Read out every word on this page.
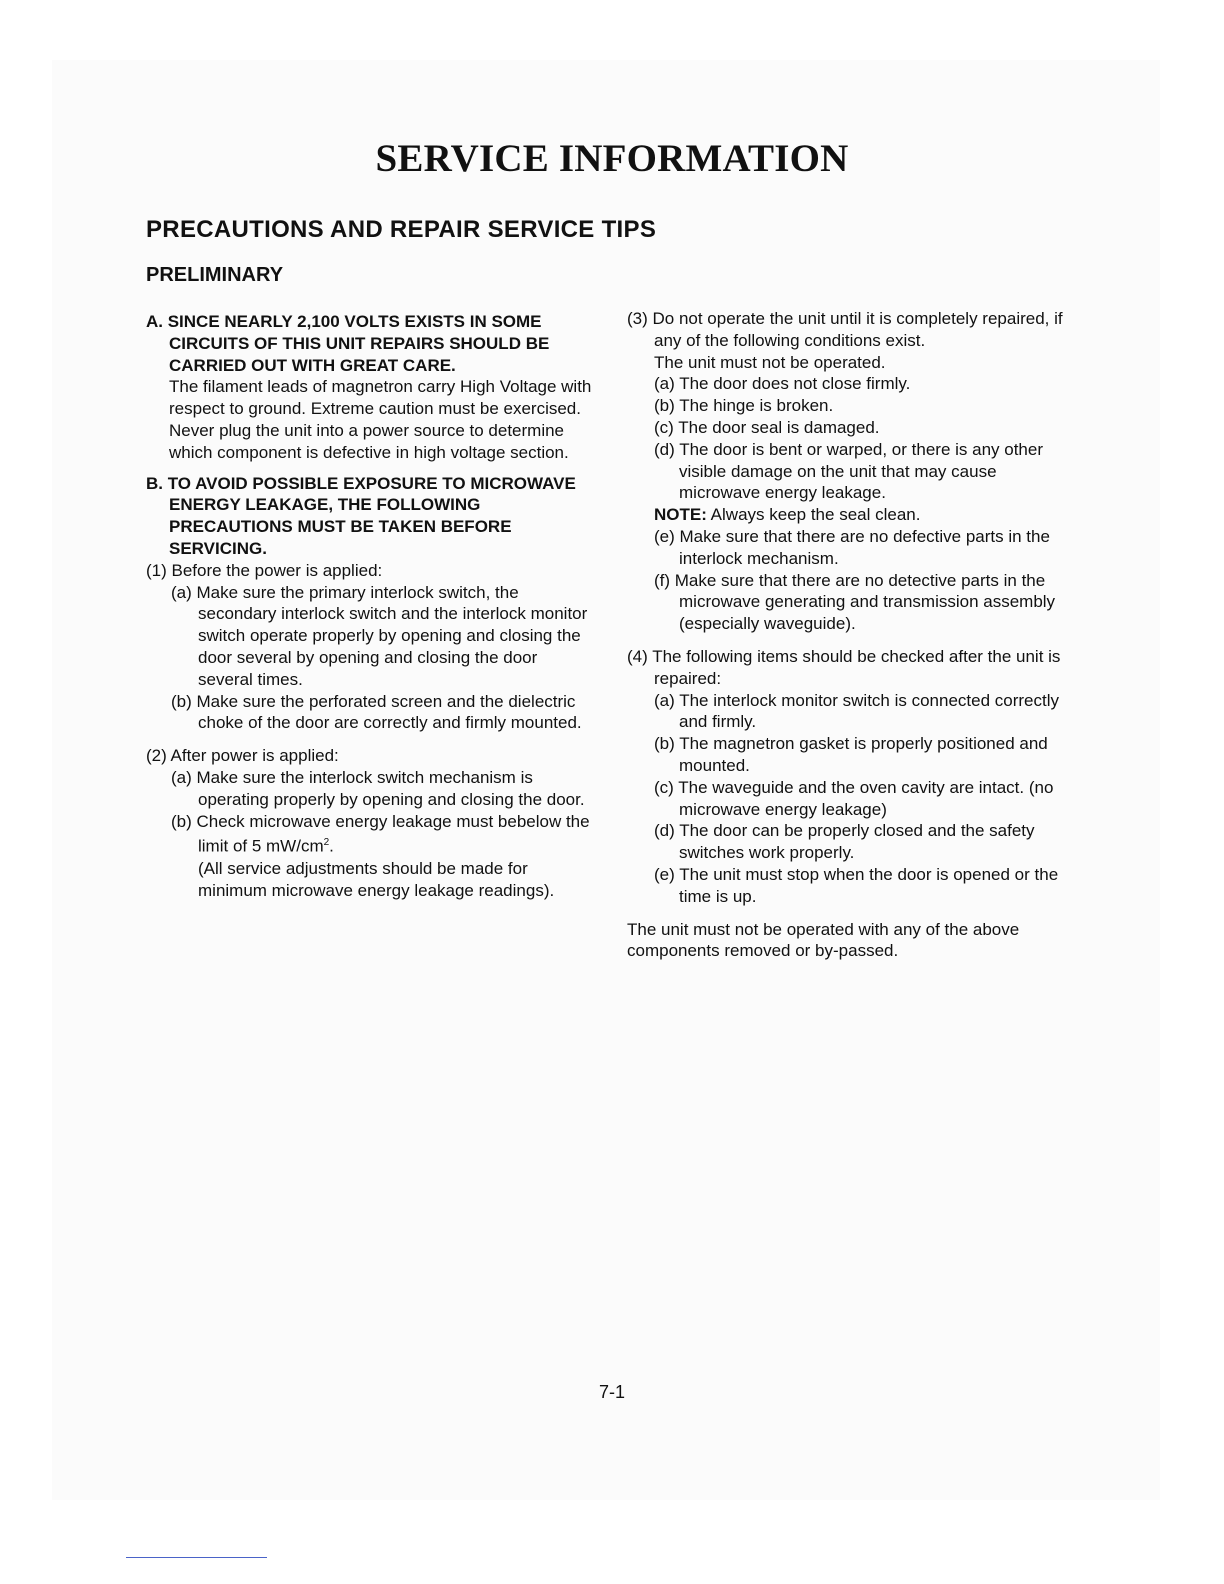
SERVICE INFORMATION
PRECAUTIONS AND REPAIR SERVICE TIPS
PRELIMINARY

A. SINCE NEARLY 2,100 VOLTS EXISTS IN SOME CIRCUITS OF THIS UNIT REPAIRS SHOULD BE CARRIED OUT WITH GREAT CARE.

The filament leads of magnetron carry High Voltage with respect to ground. Extreme caution must be exercised. Never plug the unit into a power source to determine which component is defective in high voltage section.

B. TO AVOID POSSIBLE EXPOSURE TO MICROWAVE ENERGY LEAKAGE, THE FOLLOWING PRECAUTIONS MUST BE TAKEN BEFORE SERVICING.

(1) Before the power is applied:

(a) Make sure the primary interlock switch, the secondary interlock switch and the interlock monitor switch operate properly by opening and closing the door several by opening and closing the door several times.

(b) Make sure the perforated screen and the dielectric choke of the door are correctly and firmly mounted.

(2) After power is applied:

(a) Make sure the interlock switch mechanism is operating properly by opening and closing the door.

(b) Check microwave energy leakage must bebelow the limit of 5 $mW/cm^2$.

(All service adjustments should be made for minimum microwave energy leakage readings).

(3) Do not operate the unit until it is completely repaired, if any of the following conditions exist.

The unit must not be operated.

(a) The door does not close firmly.

(b) The hinge is broken.

(c) The door seal is damaged.

(d) The door is bent or warped, or there is any other visible damage on the unit that may cause microwave energy leakage.

NOTE: Always keep the seal clean.

(e) Make sure that there are no defective parts in the interlock mechanism.

(f) Make sure that there are no detective parts in the microwave generating and transmission assembly (especially waveguide).

(4) The following items should be checked after the unit is repaired:

(a) The interlock monitor switch is connected correctly and firmly.

(b) The magnetron gasket is properly positioned and mounted.

(c) The waveguide and the oven cavity are intact. (no microwave energy leakage)

(d) The door can be properly closed and the safety switches work properly.

(e) The unit must stop when the door is opened or the time is up.

The unit must not be operated with any of the above components removed or by-passed.

7-1
